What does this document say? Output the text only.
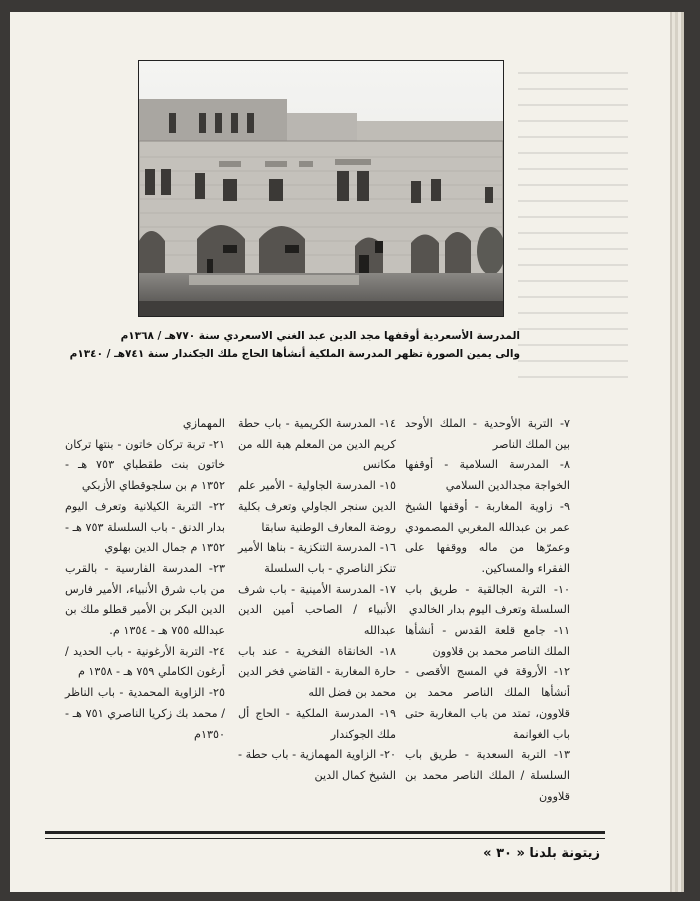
المدرسة الأسعردية أوقفها مجد الدين عبد الغني الاسعردي سنة ٧٧٠هـ / ١٣٦٨م
والى يمين الصورة تظهر المدرسة الملكية أنشأها الحاج ملك الجكندار سنة ٧٤١هـ / ١٣٤٠م

٧- التربة الأوحدية - الملك الأوحد بين الملك الناصر

٨- المدرسة السلامية - أوقفها الخواجة مجدالدين السلامي

٩- زاوية المغاربة - أوقفها الشيخ عمر بن عبدالله المغربي المصمودي وعمرّها من ماله ووقفها على الفقراء والمساكين.

١٠- التربة الجالقية - طريق باب السلسلة وتعرف اليوم بدار الخالدي

١١- جامع قلعة القدس - أنشأها الملك الناصر محمد بن قلاوون

١٢- الأروقة في المسج الأقصى - أنشأها الملك الناصر محمد بن قلاوون، تمتد من باب المغاربة حتى باب الغوانمة

١٣- التربة السعدية - طريق باب السلسلة / الملك الناصر محمد بن قلاوون

١٤- المدرسة الكريمية - باب حطة كريم الدين من المعلم هبة الله من مكانس

١٥- المدرسة الجاولية - الأمير علم الدين سنجر الجاولي وتعرف بكلية روضة المعارف الوطنية سابقا

١٦- المدرسة التنكزية - بناها الأمير تنكز الناصري - باب السلسلة

١٧- المدرسة الأمينية - باب شرف الأنبياء / الصاحب أمين الدين عبدالله

١٨- الخانقاة الفخرية - عند باب حارة المغاربة - القاضي فخر الدين محمد بن فضل الله

١٩- المدرسة الملكية - الحاج أل ملك الجوكندار

٢٠- الزاوية المهمازية - باب حطة - الشيخ كمال الدين

المهمازي

٢١- تربة تركان خاتون - بنتها تركان خاتون بنت طقطباي ٧٥٣ هـ - ١٣٥٢ م بن سلجوقطاي الأزبكي

٢٢- التربة الكيلانية وتعرف اليوم بدار الدنق - باب السلسلة ٧٥٣ هـ - ١٣٥٢ م جمال الدين بهلوي

٢٣- المدرسة الفارسية - بالقرب من باب شرق الأنبياء، الأمير فارس الدين البكر بن الأمير قطلو ملك بن عبدالله ٧٥٥ هـ - ١٣٥٤ م.

٢٤- التربة الأرغونية - باب الحديد / أرغون الكاملي ٧٥٩ هـ - ١٣٥٨ م

٢٥- الزاوية المحمدية - باب الناظر / محمد بك زكريا الناصري ٧٥١ هـ - ١٣٥٠م

زيتونة بلدنا « ٣٠ »
